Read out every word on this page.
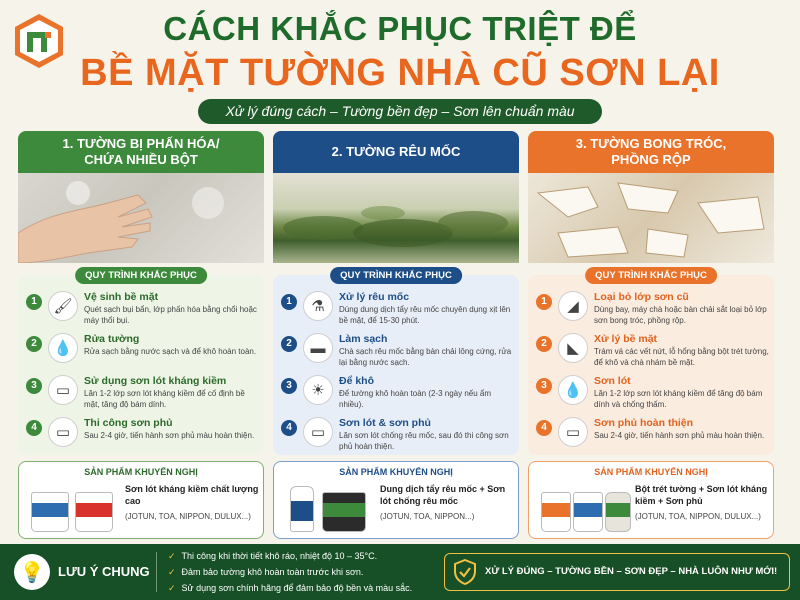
CÁCH KHẮC PHỤC TRIỆT ĐỂ
BỀ MẶT TƯỜNG NHÀ CŨ SƠN LẠI
Xử lý đúng cách – Tường bền đẹp – Sơn lên chuẩn màu
1. TƯỜNG BỊ PHẤN HÓA/
CHỨA NHIỀU BỘT
QUY TRÌNH KHẮC PHỤC
1	🖌
Vệ sinh bề mặt
Quét sạch bụi bẩn, lớp phấn hóa bằng chổi hoặc máy thổi bụi.
2	💧
Rửa tường
Rửa sạch bằng nước sạch và để khô hoàn toàn.
3	▭
Sử dụng sơn lót kháng kiềm
Lăn 1-2 lớp sơn lót kháng kiềm để cố định bề mặt, tăng độ bám dính.
4	▭
Thi công sơn phủ
Sau 2-4 giờ, tiến hành sơn phủ màu hoàn thiện.
SẢN PHẨM KHUYẾN NGHỊ
Sơn lót kháng kiềm chất lượng cao
(JOTUN, TOA, NIPPON, DULUX...)
2. TƯỜNG RÊU MỐC
QUY TRÌNH KHẮC PHỤC
1	⚗
Xử lý rêu mốc
Dùng dung dịch tẩy rêu mốc chuyên dụng xịt lên bề mặt, để 15-30 phút.
2	▬
Làm sạch
Chà sạch rêu mốc bằng bàn chải lông cứng, rửa lại bằng nước sạch.
3	☀
Để khô
Để tường khô hoàn toàn (2-3 ngày nếu ẩm nhiều).
4	▭
Sơn lót & sơn phủ
Lăn sơn lót chống rêu mốc, sau đó thi công sơn phủ hoàn thiện.
SẢN PHẨM KHUYẾN NGHỊ
Dung dịch tẩy rêu mốc + Sơn lót chống rêu mốc
(JOTUN, TOA, NIPPON...)
3. TƯỜNG BONG TRÓC,
PHỒNG RỘP
QUY TRÌNH KHẮC PHỤC
1	◢
Loại bỏ lớp sơn cũ
Dùng bay, máy chà hoặc bàn chải sắt loại bỏ lớp sơn bong tróc, phồng rộp.
2	◣
Xử lý bề mặt
Trám vá các vết nứt, lỗ hổng bằng bột trét tường, để khô và chà nhám bề mặt.
3	💧
Sơn lót
Lăn 1-2 lớp sơn lót kháng kiềm để tăng độ bám dính và chống thấm.
4	▭
Sơn phủ hoàn thiện
Sau 2-4 giờ, tiến hành sơn phủ màu hoàn thiện.
SẢN PHẨM KHUYẾN NGHỊ
Bột trét tường + Sơn lót kháng kiềm + Sơn phủ
(JOTUN, TOA, NIPPON, DULUX...)
💡	LƯU Ý CHUNG
✓ Thi công khi thời tiết khô ráo, nhiệt độ 10 – 35°C.
✓ Đảm bảo tường khô hoàn toàn trước khi sơn.
✓ Sử dụng sơn chính hãng để đảm bảo độ bền và màu sắc.
XỬ LÝ ĐÚNG – TƯỜNG BỀN – SƠN ĐẸP – NHÀ LUÔN NHƯ MỚI!
